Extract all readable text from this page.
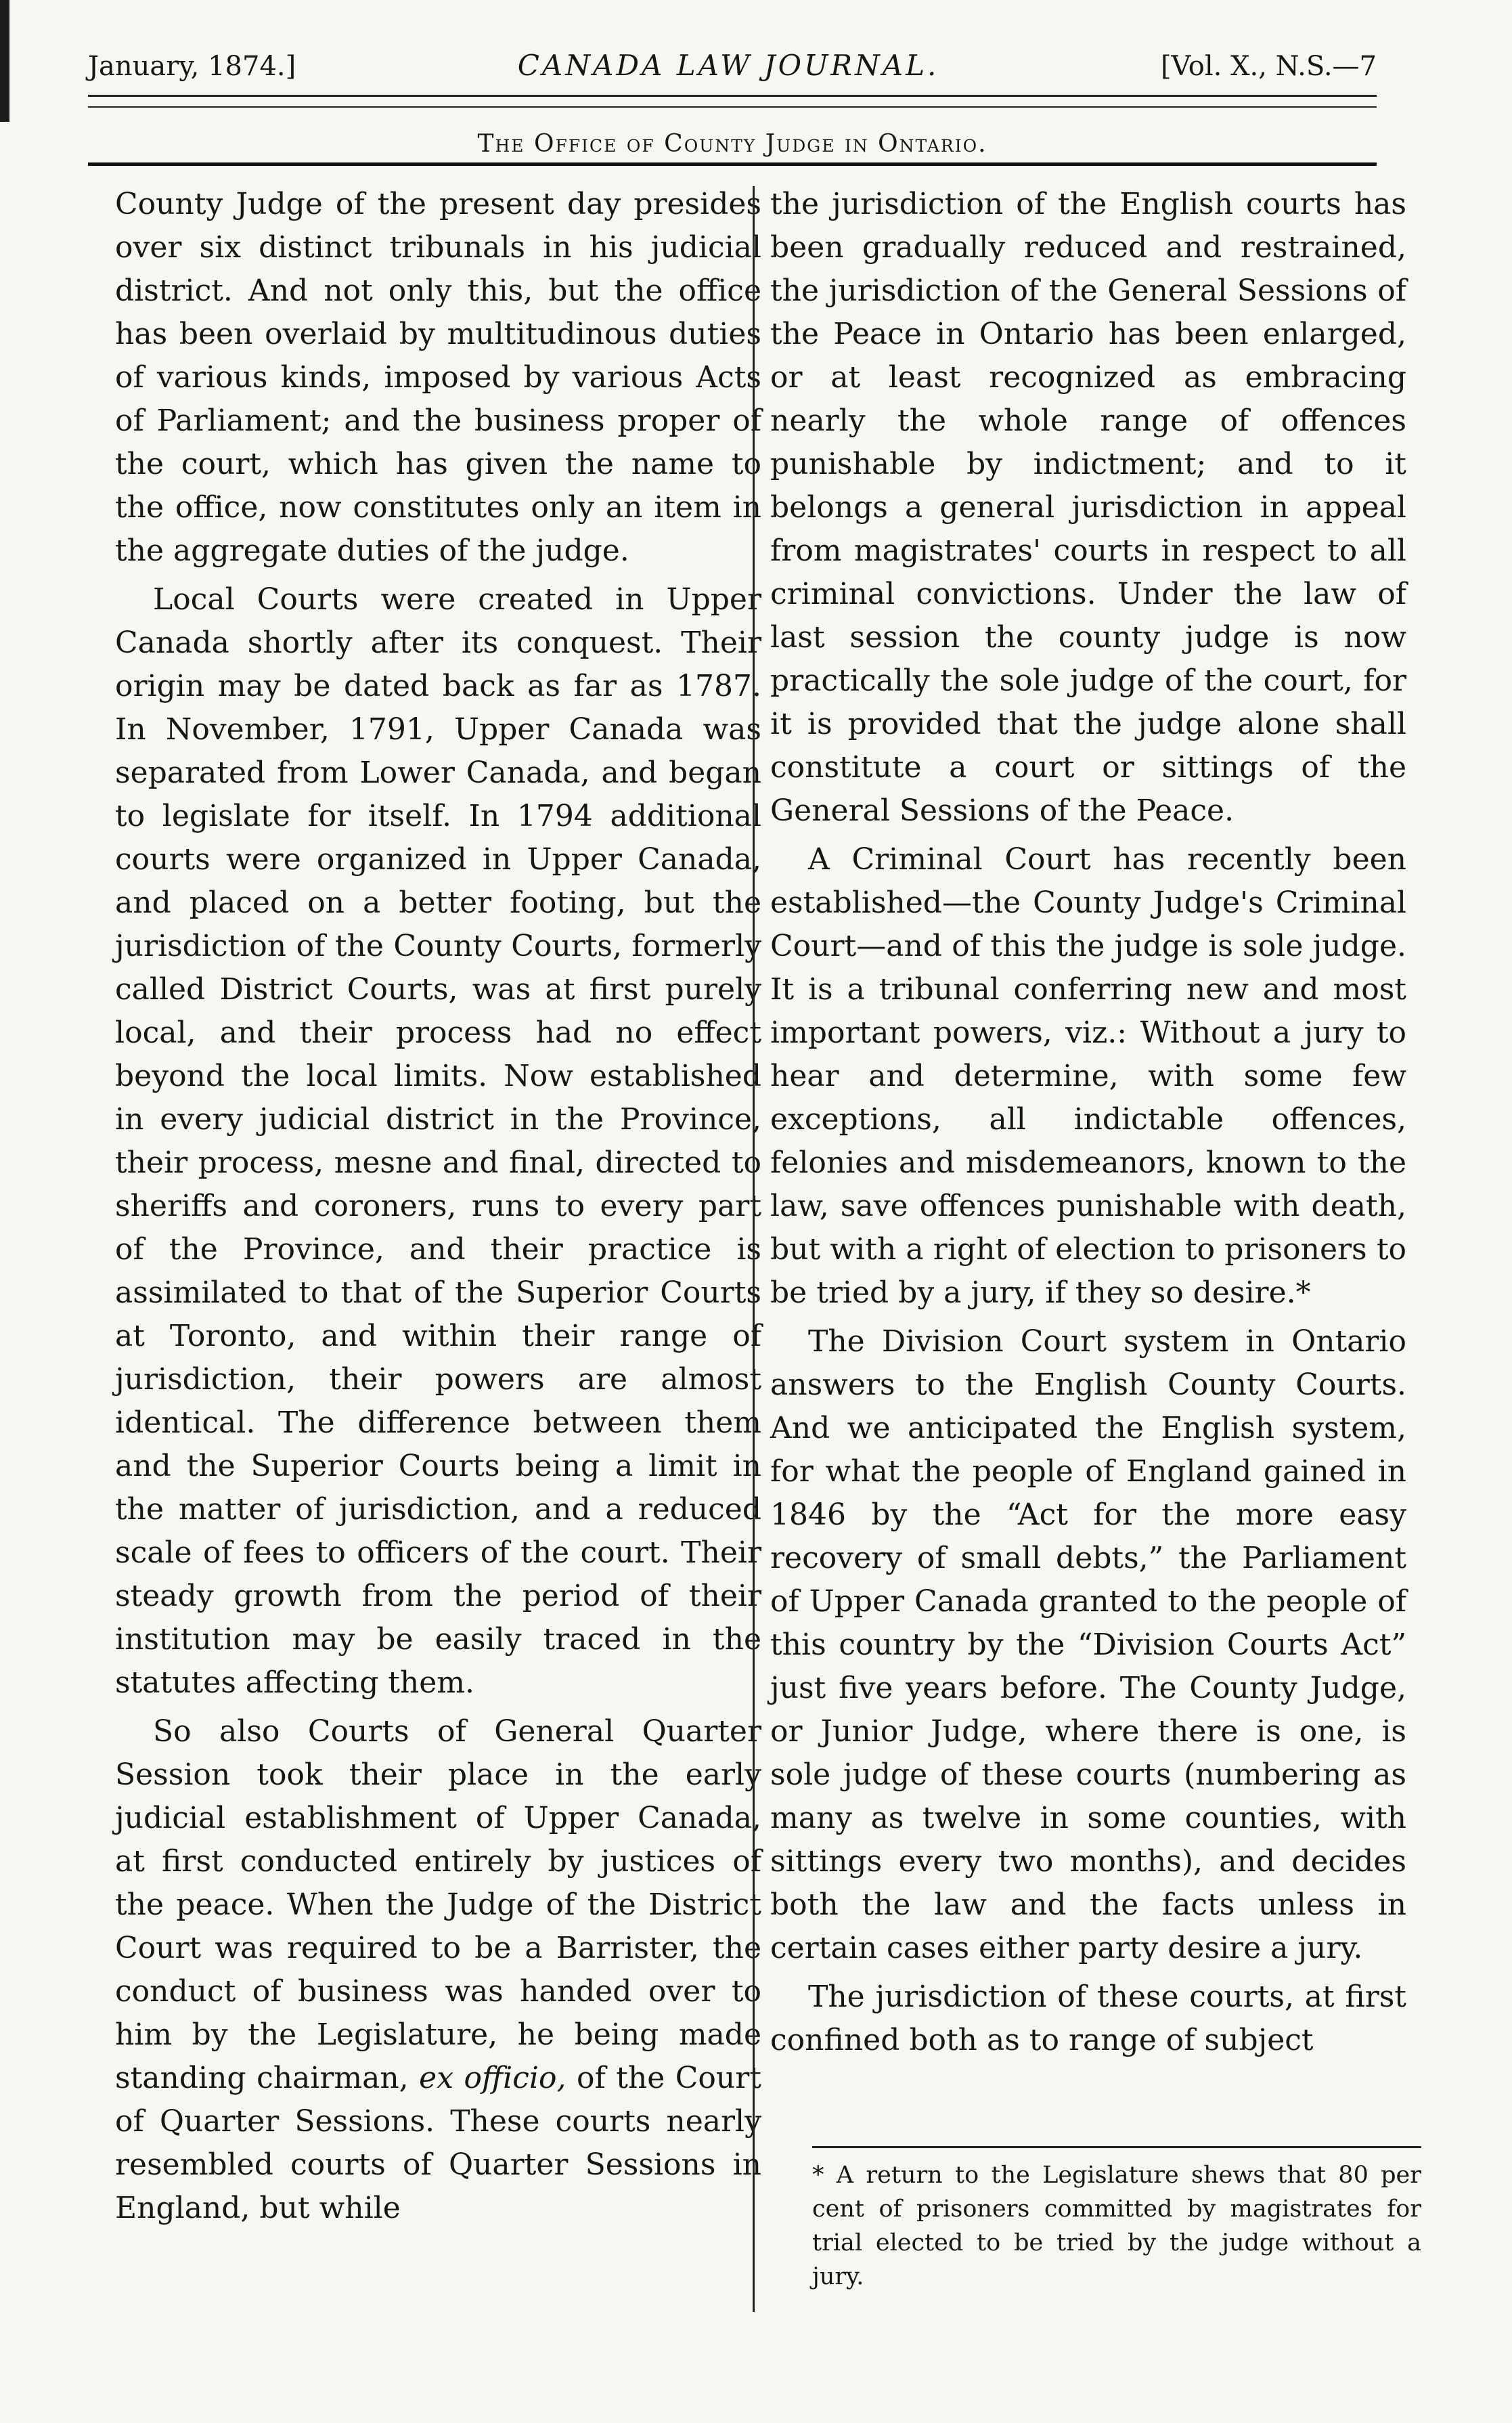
January, 1874.]	CANADA LAW JOURNAL.	[Vol. X., N.S.—7
The Office of County Judge in Ontario.

County Judge of the present day presides over six distinct tribunals in his judicial district. And not only this, but the office has been overlaid by multitudinous duties of various kinds, imposed by various Acts of Parliament; and the business proper of the court, which has given the name to the office, now constitutes only an item in the aggregate duties of the judge.

Local Courts were created in Upper Canada shortly after its conquest. Their origin may be dated back as far as 1787. In November, 1791, Upper Canada was separated from Lower Canada, and began to legislate for itself. In 1794 additional courts were organized in Upper Canada, and placed on a better footing, but the jurisdiction of the County Courts, formerly called District Courts, was at first purely local, and their process had no effect beyond the local limits. Now established in every judicial district in the Province, their process, mesne and final, directed to sheriffs and coroners, runs to every part of the Province, and their practice is assimilated to that of the Superior Courts at Toronto, and within their range of jurisdiction, their powers are almost identical. The difference between them and the Superior Courts being a limit in the matter of jurisdiction, and a reduced scale of fees to officers of the court. Their steady growth from the period of their institution may be easily traced in the statutes affecting them.

So also Courts of General Quarter Session took their place in the early judicial establishment of Upper Canada, at first conducted entirely by justices of the peace. When the Judge of the District Court was required to be a Barrister, the conduct of business was handed over to him by the Legislature, he being made standing chairman, ex officio, of the Court of Quarter Sessions. These courts nearly resembled courts of Quarter Sessions in England, but while

the jurisdiction of the English courts has been gradually reduced and restrained, the jurisdiction of the General Sessions of the Peace in Ontario has been enlarged, or at least recognized as embracing nearly the whole range of offences punishable by indictment; and to it belongs a general jurisdiction in appeal from magistrates' courts in respect to all criminal convictions. Under the law of last session the county judge is now practically the sole judge of the court, for it is provided that the judge alone shall constitute a court or sittings of the General Sessions of the Peace.

A Criminal Court has recently been established—the County Judge's Criminal Court—and of this the judge is sole judge. It is a tribunal conferring new and most important powers, viz.: Without a jury to hear and determine, with some few exceptions, all indictable offences, felonies and misdemeanors, known to the law, save offences punishable with death, but with a right of election to prisoners to be tried by a jury, if they so desire.*

The Division Court system in Ontario answers to the English County Courts. And we anticipated the English system, for what the people of England gained in 1846 by the “Act for the more easy recovery of small debts,” the Parliament of Upper Canada granted to the people of this country by the “Division Courts Act” just five years before. The County Judge, or Junior Judge, where there is one, is sole judge of these courts (numbering as many as twelve in some counties, with sittings every two months), and decides both the law and the facts unless in certain cases either party desire a jury.

The jurisdiction of these courts, at first confined both as to range of subject

* A return to the Legislature shews that 80 per cent of prisoners committed by magistrates for trial elected to be tried by the judge without a jury.
